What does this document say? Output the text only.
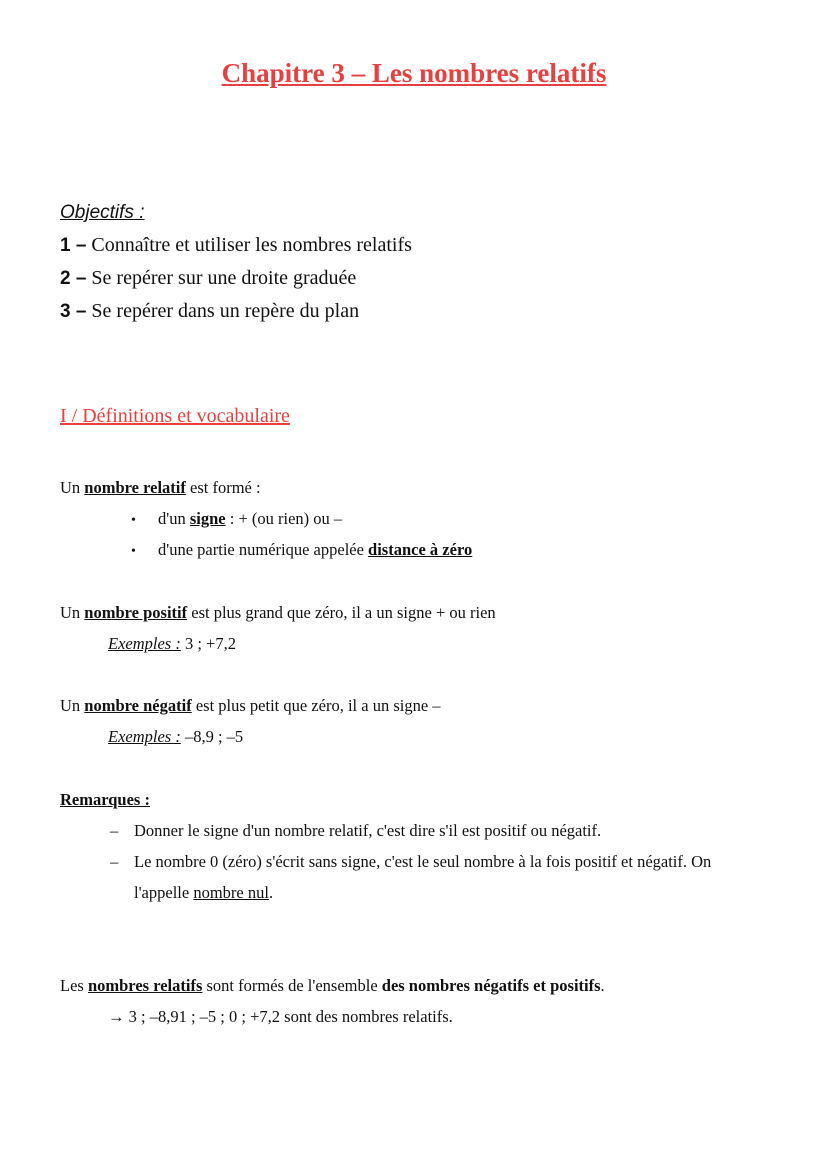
Chapitre 3 – Les nombres relatifs
Objectifs :
1 – Connaître et utiliser les nombres relatifs
2 – Se repérer sur une droite graduée
3 – Se repérer dans un repère du plan
I / Définitions et vocabulaire
Un nombre relatif est formé :
• d'un signe : + (ou rien) ou –
• d'une partie numérique appelée distance à zéro
Un nombre positif est plus grand que zéro, il a un signe + ou rien
Exemples : 3 ; +7,2
Un nombre négatif est plus petit que zéro, il a un signe –
Exemples : –8,9 ; –5
Remarques :
– Donner le signe d'un nombre relatif, c'est dire s'il est positif ou négatif.
– Le nombre 0 (zéro) s'écrit sans signe, c'est le seul nombre à la fois positif et négatif. On
l'appelle nombre nul.
Les nombres relatifs sont formés de l'ensemble des nombres négatifs et positifs.
→ 3 ; –8,91 ; –5 ; 0 ; +7,2 sont des nombres relatifs.
